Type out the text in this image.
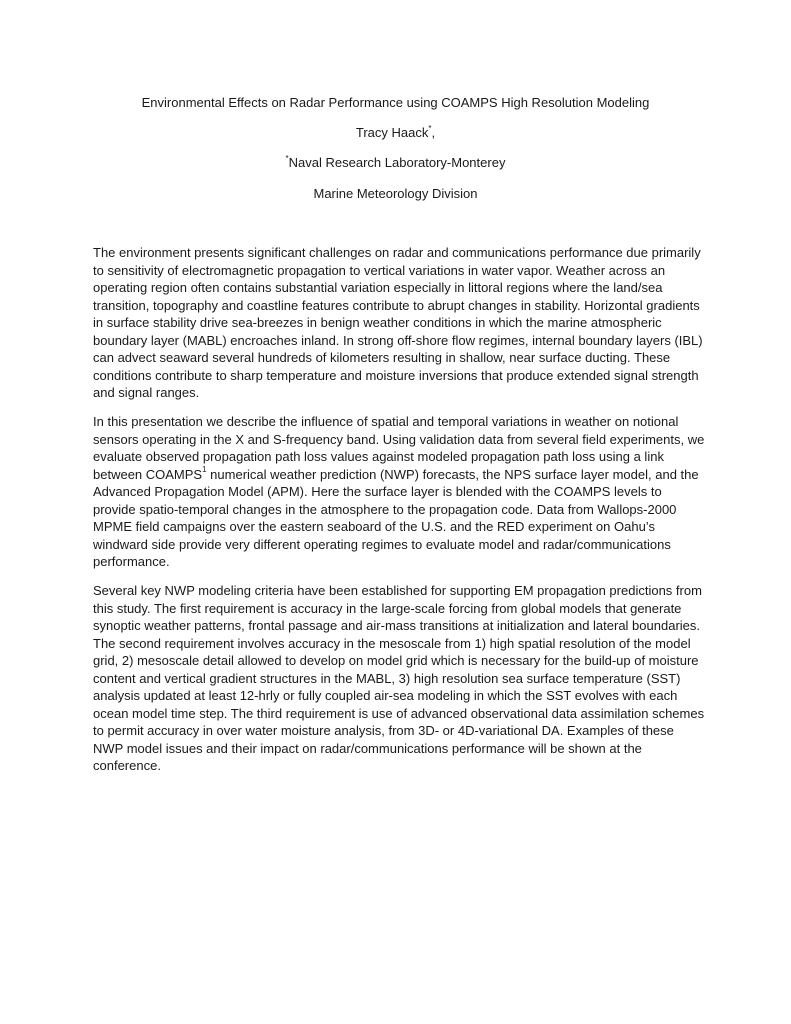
Environmental Effects on Radar Performance using COAMPS High Resolution Modeling
Tracy Haack*,
*Naval Research Laboratory-Monterey
Marine Meteorology Division

The environment presents significant challenges on radar and communications performance due primarily to sensitivity of electromagnetic propagation to vertical variations in water vapor. Weather across an operating region often contains substantial variation especially in littoral regions where the land/sea transition, topography and coastline features contribute to abrupt changes in stability. Horizontal gradients in surface stability drive sea-breezes in benign weather conditions in which the marine atmospheric boundary layer (MABL) encroaches inland. In strong off-shore flow regimes, internal boundary layers (IBL) can advect seaward several hundreds of kilometers resulting in shallow, near surface ducting. These conditions contribute to sharp temperature and moisture inversions that produce extended signal strength and signal ranges.

In this presentation we describe the influence of spatial and temporal variations in weather on notional sensors operating in the X and S-frequency band. Using validation data from several field experiments, we evaluate observed propagation path loss values against modeled propagation path loss using a link between COAMPS$^1$ numerical weather prediction (NWP) forecasts, the NPS surface layer model, and the Advanced Propagation Model (APM). Here the surface layer is blended with the COAMPS levels to provide spatio-temporal changes in the atmosphere to the propagation code. Data from Wallops-2000 MPME field campaigns over the eastern seaboard of the U.S. and the RED experiment on Oahu’s windward side provide very different operating regimes to evaluate model and radar/communications performance.

Several key NWP modeling criteria have been established for supporting EM propagation predictions from this study. The first requirement is accuracy in the large-scale forcing from global models that generate synoptic weather patterns, frontal passage and air-mass transitions at initialization and lateral boundaries. The second requirement involves accuracy in the mesoscale from 1) high spatial resolution of the model grid, 2) mesoscale detail allowed to develop on model grid which is necessary for the build-up of moisture content and vertical gradient structures in the MABL, 3) high resolution sea surface temperature (SST) analysis updated at least 12-hrly or fully coupled air-sea modeling in which the SST evolves with each ocean model time step. The third requirement is use of advanced observational data assimilation schemes to permit accuracy in over water moisture analysis, from 3D- or 4D-variational DA. Examples of these NWP model issues and their impact on radar/communications performance will be shown at the conference.
